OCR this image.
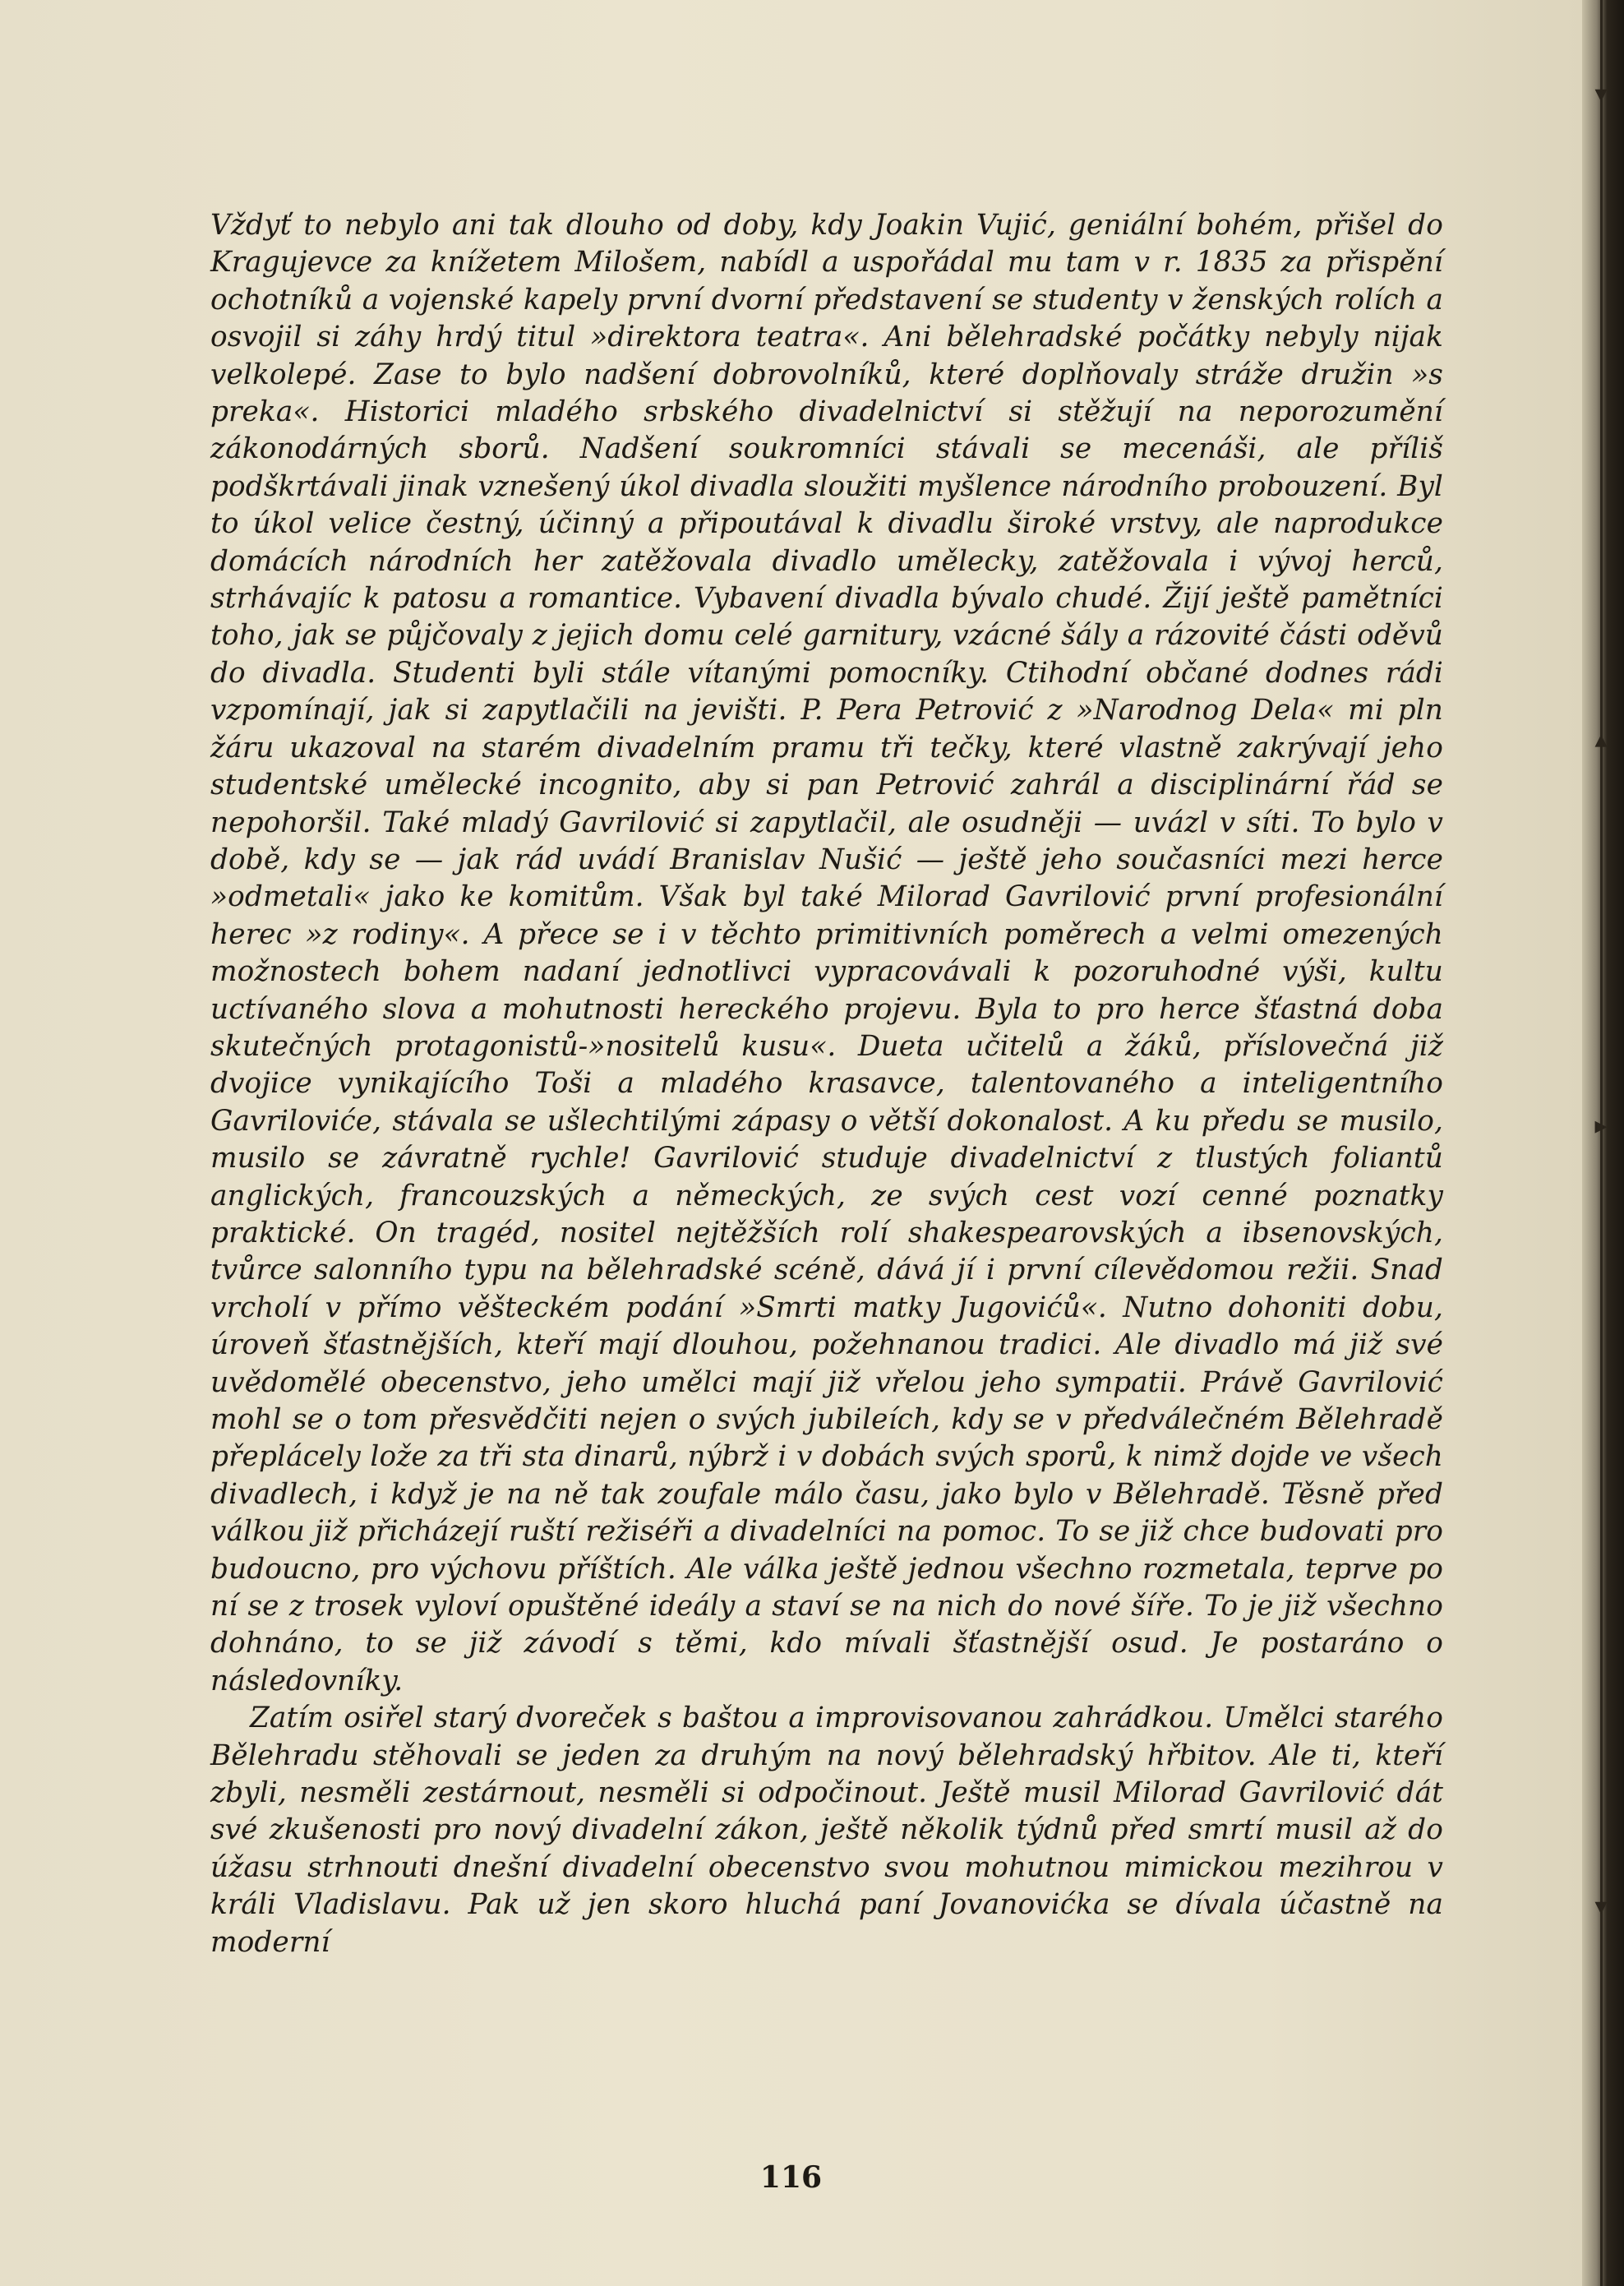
Vždyť to nebylo ani tak dlouho od doby, kdy Joakin Vujić, geniální bohém, přišel do Kragujevce za knížetem Milošem, nabídl a uspořádal mu tam v r. 1835 za přispění ochotníků a vojenské kapely první dvorní představení se studenty v ženských rolích a osvojil si záhy hrdý titul »direktora teatra«. Ani bělehradské počátky nebyly nijak velkolepé. Zase to bylo nadšení dobrovolníků, které doplňovaly stráže družin »s preka«. Historici mladého srbského divadelnictví si stěžují na neporozumění zákonodárných sborů. Nadšení soukromníci stávali se mecenáši, ale příliš podškrtávali jinak vznešený úkol divadla sloužiti myšlence národního probouzení. Byl to úkol velice čestný, účinný a připoutával k divadlu široké vrstvy, ale naprodukce domácích národních her zatěžovala divadlo umělecky, zatěžovala i vývoj herců, strhávajíc k patosu a romantice. Vybavení divadla bývalo chudé. Žijí ještě pamětníci toho, jak se půjčovaly z jejich domu celé garnitury, vzácné šály a rázovité části oděvů do divadla. Studenti byli stále vítanými pomocníky. Ctihodní občané dodnes rádi vzpomínají, jak si zapytlačili na jevišti. P. Pera Petrović z »Narodnog Dela« mi pln žáru ukazoval na starém divadelním pramu tři tečky, které vlastně zakrývají jeho studentské umělecké incognito, aby si pan Petrović zahrál a disciplinární řád se nepohoršil. Také mladý Gavrilović si zapytlačil, ale osudněji — uvázl v síti. To bylo v době, kdy se — jak rád uvádí Branislav Nušić — ještě jeho současníci mezi herce »odmetali« jako ke komitům. Však byl také Milorad Gavrilović první profesionální herec »z rodiny«. A přece se i v těchto primitivních poměrech a velmi omezených možnostech bohem nadaní jednotlivci vypracovávali k pozoruhodné výši, kultu uctívaného slova a mohutnosti hereckého projevu. Byla to pro herce šťastná doba skutečných protagonistů-»nositelů kusu«. Dueta učitelů a žáků, příslovečná již dvojice vynikajícího Toši a mladého krasavce, talentovaného a inteligentního Gavriloviće, stávala se ušlechtilými zápasy o větší dokonalost. A ku předu se musilo, musilo se závratně rychle! Gavrilović studuje divadelnictví z tlustých foliantů anglických, francouzských a německých, ze svých cest vozí cenné poznatky praktické. On tragéd, nositel nejtěžších rolí shakespearovských a ibsenovských, tvůrce salonního typu na bělehradské scéně, dává jí i první cílevědomou režii. Snad vrcholí v přímo věšteckém podání »Smrti matky Jugovićů«. Nutno dohoniti dobu, úroveň šťastnějších, kteří mají dlouhou, požehnanou tradici. Ale divadlo má již své uvědomělé obecenstvo, jeho umělci mají již vřelou jeho sympatii. Právě Gavrilović mohl se o tom přesvědčiti nejen o svých jubileích, kdy se v předválečném Bělehradě přeplácely lože za tři sta dinarů, nýbrž i v dobách svých sporů, k nimž dojde ve všech divadlech, i když je na ně tak zoufale málo času, jako bylo v Bělehradě. Těsně před válkou již přicházejí ruští režiséři a divadelníci na pomoc. To se již chce budovati pro budoucno, pro výchovu příštích. Ale válka ještě jednou všechno rozmetala, teprve po ní se z trosek vyloví opuštěné ideály a staví se na nich do nové šíře. To je již všechno dohnáno, to se již závodí s těmi, kdo mívali šťastnější osud. Je postaráno o následovníky.

Zatím osiřel starý dvoreček s baštou a improvisovanou zahrádkou. Umělci starého Bělehradu stěhovali se jeden za druhým na nový bělehradský hřbitov. Ale ti, kteří zbyli, nesměli zestárnout, nesměli si odpočinout. Ještě musil Milorad Gavrilović dát své zkušenosti pro nový divadelní zákon, ještě několik týdnů před smrtí musil až do úžasu strhnouti dnešní divadelní obecenstvo svou mohutnou mimickou mezihrou v králi Vladislavu. Pak už jen skoro hluchá paní Jovanovićka se dívala účastně na moderní

116
▾
▴
▸
▾
